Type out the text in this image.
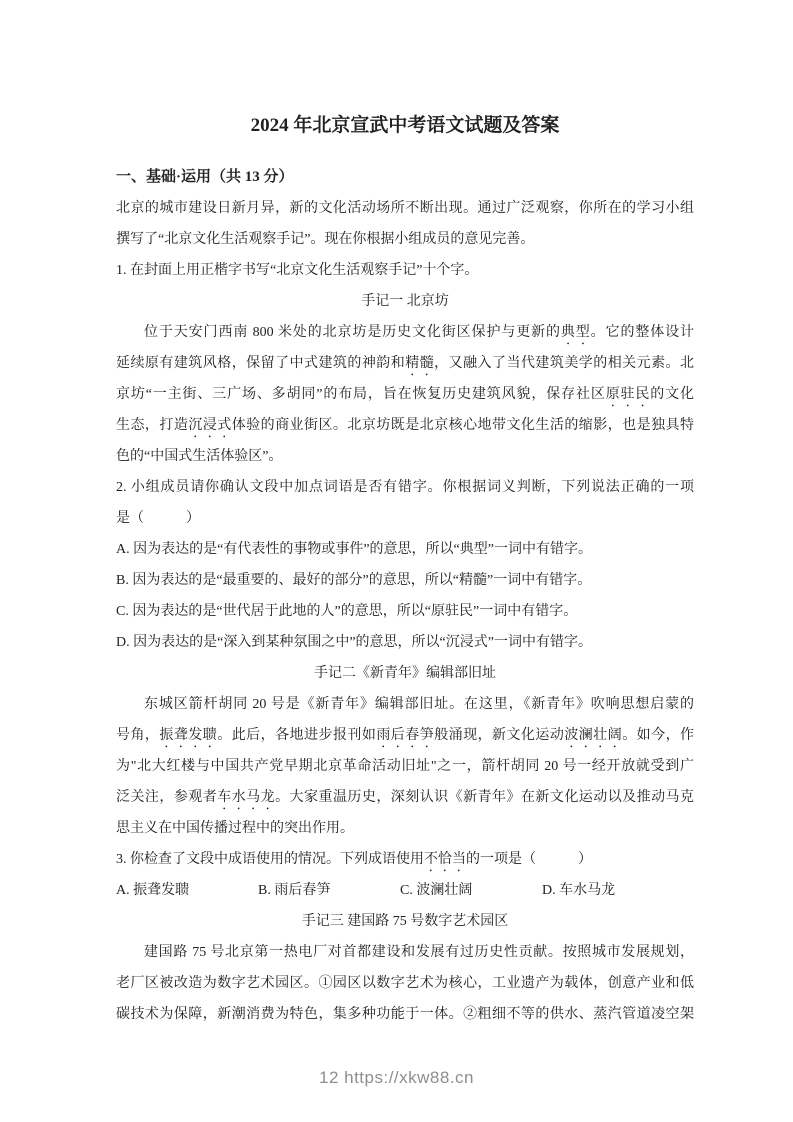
2024 年北京宣武中考语文试题及答案
一、基础·运用（共 13 分）
北京的城市建设日新月异，新的文化活动场所不断出现。通过广泛观察，你所在的学习小组
撰写了“北京文化生活观察手记”。现在你根据小组成员的意见完善。
1. 在封面上用正楷字书写“北京文化生活观察手记”十个字。
手记一 北京坊
位于天安门西南 800 米处的北京坊是历史文化街区保护与更新的典型。它的整体设计
延续原有建筑风格，保留了中式建筑的神韵和精髓，又融入了当代建筑美学的相关元素。北
京坊“一主街、三广场、多胡同”的布局，旨在恢复历史建筑风貌，保存社区原驻民的文化
生态，打造沉浸式体验的商业街区。北京坊既是北京核心地带文化生活的缩影，也是独具特
色的“中国式生活体验区”。
2. 小组成员请你确认文段中加点词语是否有错字。你根据词义判断，下列说法正确的一项
是（　　　）
A. 因为表达的是“有代表性的事物或事件”的意思，所以“典型”一词中有错字。
B. 因为表达的是“最重要的、最好的部分”的意思，所以“精髓”一词中有错字。
C. 因为表达的是“世代居于此地的人”的意思，所以“原驻民”一词中有错字。
D. 因为表达的是“深入到某种氛围之中”的意思，所以“沉浸式”一词中有错字。
手记二《新青年》编辑部旧址
东城区箭杆胡同 20 号是《新青年》编辑部旧址。在这里，《新青年》吹响思想启蒙的
号角，振聋发聩。此后，各地进步报刊如雨后春笋般涌现，新文化运动波澜壮阔。如今，作
为"北大红楼与中国共产党早期北京革命活动旧址"之一，箭杆胡同 20 号一经开放就受到广
泛关注，参观者车水马龙。大家重温历史，深刻认识《新青年》在新文化运动以及推动马克
思主义在中国传播过程中的突出作用。
3. 你检查了文段中成语使用的情况。下列成语使用不恰当的一项是（　　　）
A. 振聋发聩	B. 雨后春笋	C. 波澜壮阔	D. 车水马龙
手记三 建国路 75 号数字艺术园区
建国路 75 号北京第一热电厂对首都建设和发展有过历史性贡献。按照城市发展规划，
老厂区被改造为数字艺术园区。①园区以数字艺术为核心，工业遗产为载体，创意产业和低
碳技术为保障，新潮消费为特色，集多种功能于一体。②粗细不等的供水、蒸汽管道凌空架
12 https://xkw88.cn
